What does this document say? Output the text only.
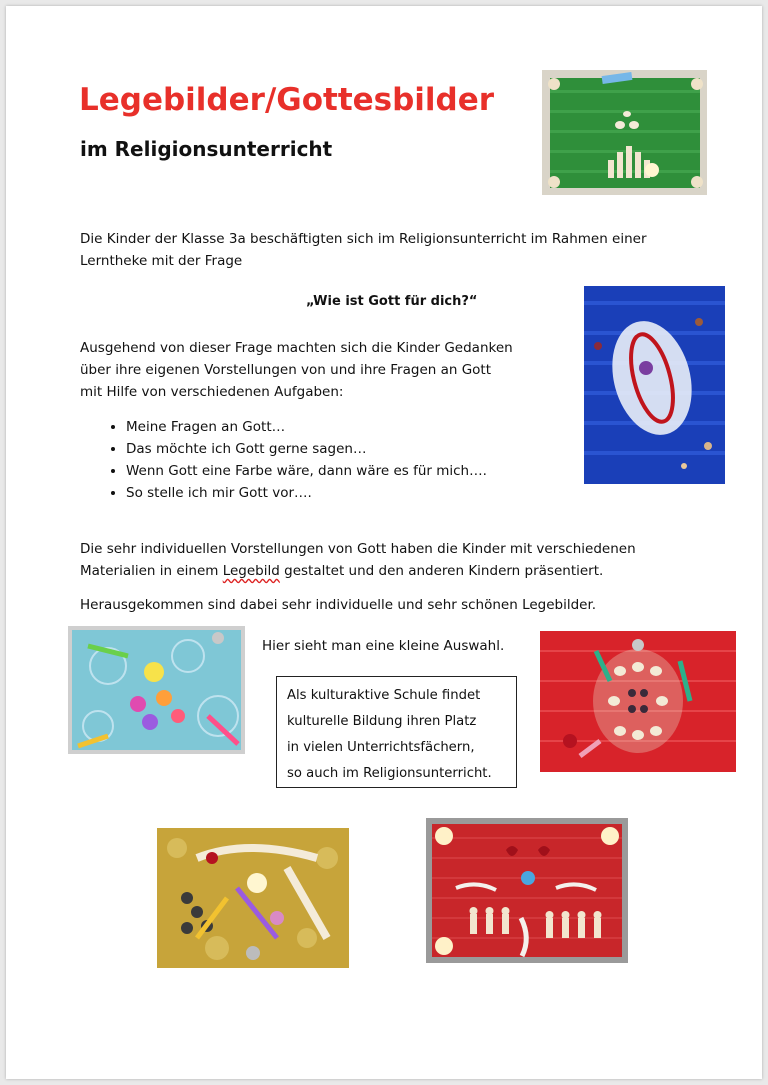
Legebilder/Gottesbilder
im Religionsunterricht

Die Kinder der Klasse 3a beschäftigten sich im Religionsunterricht im Rahmen einer
Lerntheke mit der Frage

„Wie ist Gott für dich?“

Ausgehend von dieser Frage machten sich die Kinder Gedanken
über ihre eigenen Vorstellungen von und ihre Fragen an Gott
mit Hilfe von verschiedenen Aufgaben:

• Meine Fragen an Gott…
• Das möchte ich Gott gerne sagen…
• Wenn Gott eine Farbe wäre, dann wäre es für mich….
• So stelle ich mir Gott vor….

Die sehr individuellen Vorstellungen von Gott haben die Kinder mit verschiedenen
Materialien in einem Legebild gestaltet und den anderen Kindern präsentiert.

Herausgekommen sind dabei sehr individuelle und sehr schönen Legebilder.

Hier sieht man eine kleine Auswahl.
Als kulturaktive Schule findet
kulturelle Bildung ihren Platz
in vielen Unterrichtsfächern,
so auch im Religionsunterricht.
